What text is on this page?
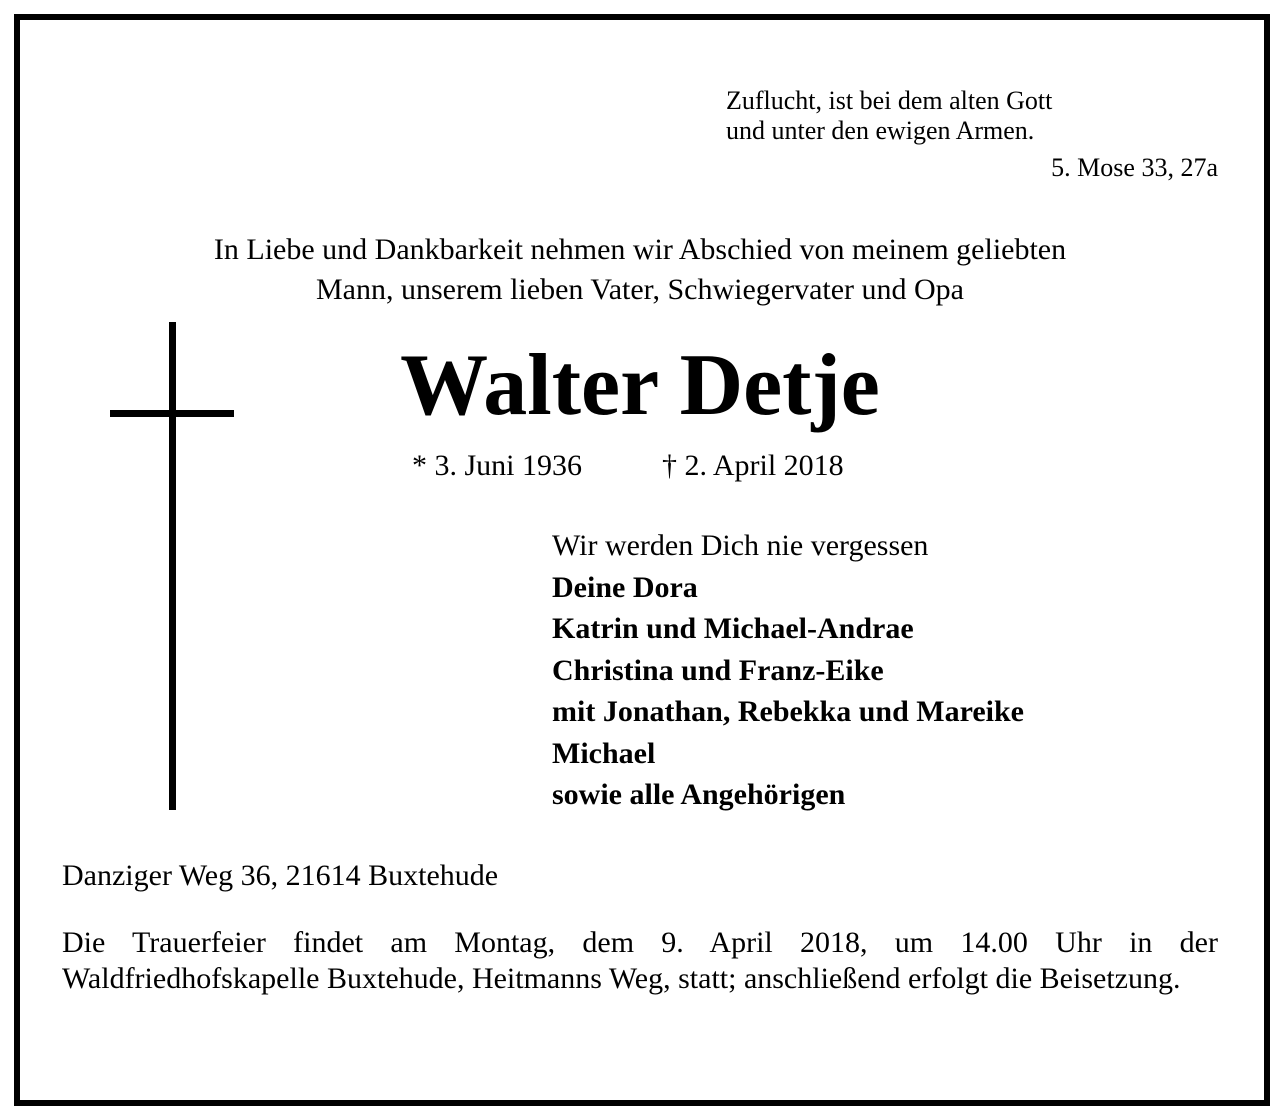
Zuflucht, ist bei dem alten Gott
und unter den ewigen Armen.
5. Mose 33, 27a
In Liebe und Dankbarkeit nehmen wir Abschied von meinem geliebten
Mann, unserem lieben Vater, Schwiegervater und Opa
Walter Detje
* 3. Juni 1936	† 2. April 2018
Wir werden Dich nie vergessen
Deine Dora
Katrin und Michael-Andrae
Christina und Franz-Eike
mit Jonathan, Rebekka und Mareike
Michael
sowie alle Angehörigen
Danziger Weg 36, 21614 Buxtehude
Die Trauerfeier findet am Montag, dem 9. April 2018, um 14.00 Uhr in der Waldfriedhofskapelle Buxtehude, Heitmanns Weg, statt; anschließend erfolgt die Beisetzung.
